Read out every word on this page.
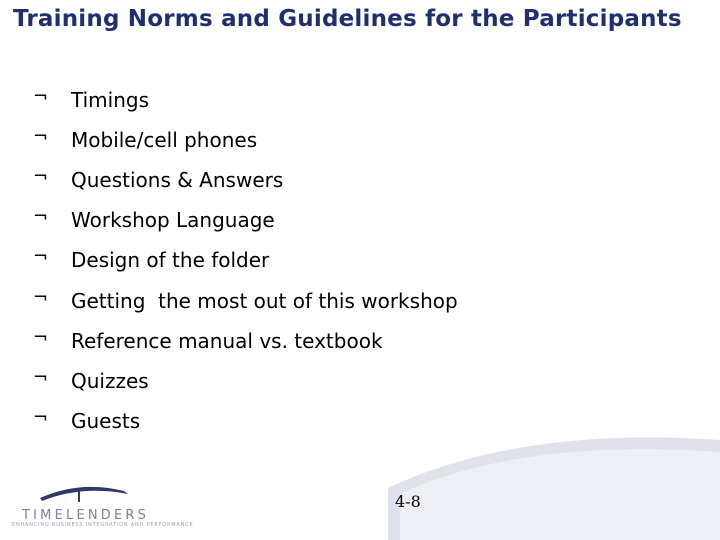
Training Norms and Guidelines for the Participants
¬ Timings
¬ Mobile/cell phones
¬ Questions & Answers
¬ Workshop Language
¬ Design of the folder
¬ Getting  the most out of this workshop
¬ Reference manual vs. textbook
¬ Quizzes
¬ Guests
TIMELENDERS
ENHANCING BUSINESS INTEGRATION AND PERFORMANCE
4-8
